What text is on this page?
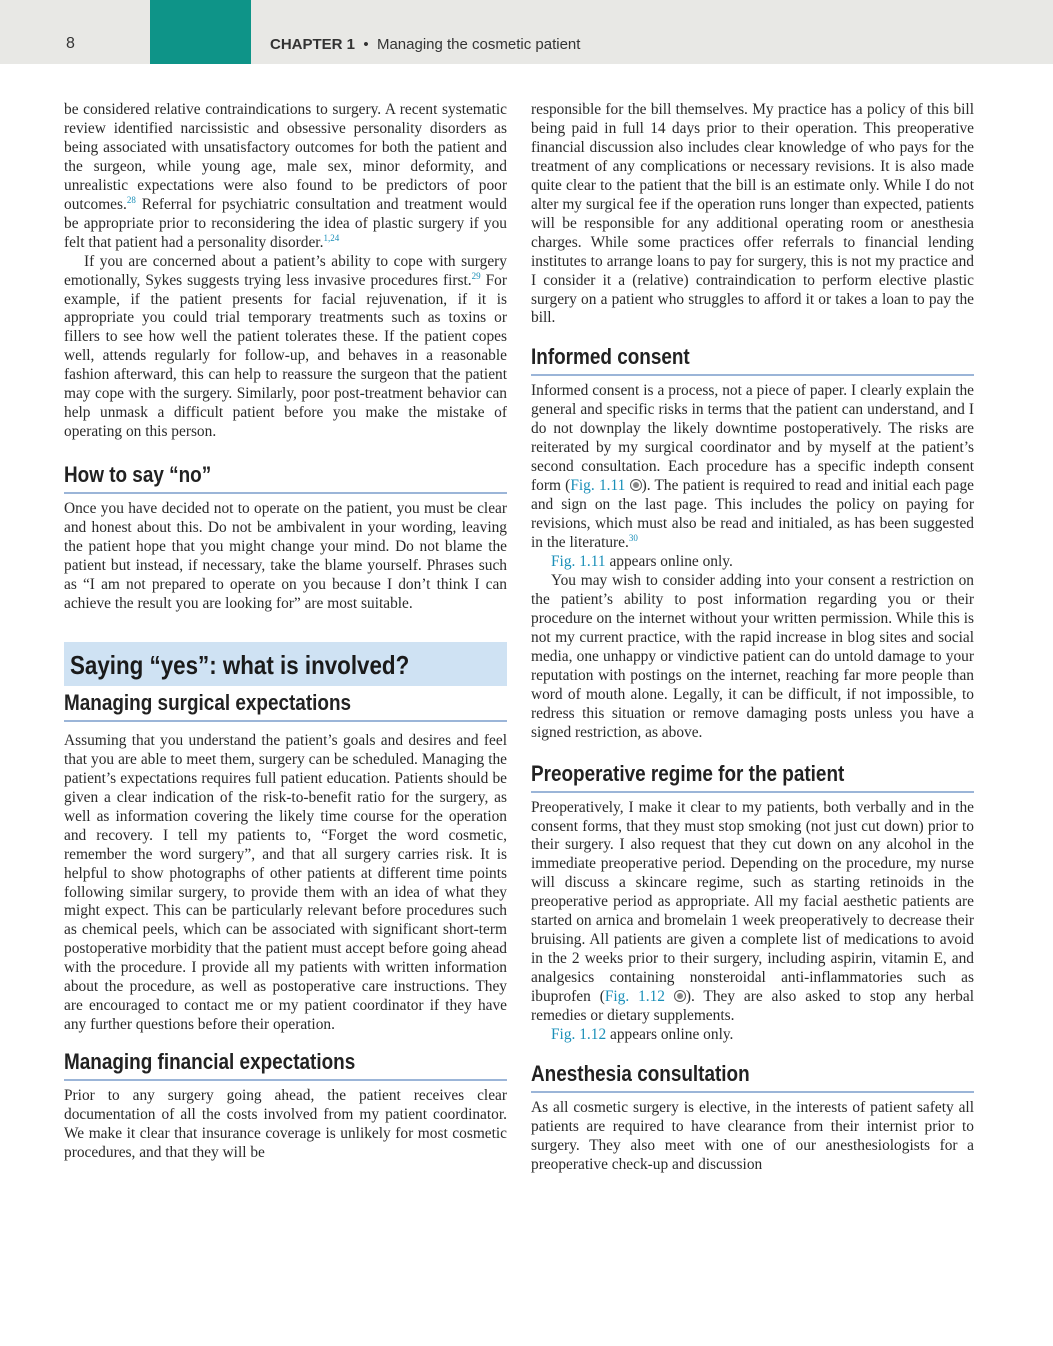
8	CHAPTER 1 • Managing the cosmetic patient

be considered relative contraindications to surgery. A recent systematic review identified narcissistic and obsessive personality disorders as being associated with unsatisfactory outcomes for both the patient and the surgeon, while young age, male sex, minor deformity, and unrealistic expectations were also found to be predictors of poor outcomes.$^{28}$ Referral for psychiatric consultation and treatment would be appropriate prior to reconsidering the idea of plastic surgery if you felt that patient had a personality disorder.$^{1,24}$

If you are concerned about a patient’s ability to cope with surgery emotionally, Sykes suggests trying less invasive procedures first.$^{29}$ For example, if the patient presents for facial rejuvenation, if it is appropriate you could trial temporary treatments such as toxins or fillers to see how well the patient tolerates these. If the patient copes well, attends regularly for follow-up, and behaves in a reasonable fashion afterward, this can help to reassure the surgeon that the patient may cope with the surgery. Similarly, poor post-treatment behavior can help unmask a difficult patient before you make the mistake of operating on this person.

How to say “no”

Once you have decided not to operate on the patient, you must be clear and honest about this. Do not be ambivalent in your wording, leaving the patient hope that you might change your mind. Do not blame the patient but instead, if necessary, take the blame yourself. Phrases such as “I am not prepared to operate on you because I don’t think I can achieve the result you are looking for” are most suitable.

Saying “yes”: what is involved?
Managing surgical expectations

Assuming that you understand the patient’s goals and desires and feel that you are able to meet them, surgery can be scheduled. Managing the patient’s expectations requires full patient education. Patients should be given a clear indication of the risk-to-benefit ratio for the surgery, as well as information covering the likely time course for the operation and recovery. I tell my patients to, “Forget the word cosmetic, remember the word surgery”, and that all surgery carries risk. It is helpful to show photographs of other patients at different time points following similar surgery, to provide them with an idea of what they might expect. This can be particularly relevant before procedures such as chemical peels, which can be associated with significant short-term postoperative morbidity that the patient must accept before going ahead with the procedure. I provide all my patients with written information about the procedure, as well as postoperative care instructions. They are encouraged to contact me or my patient coordinator if they have any further questions before their operation.

Managing financial expectations

Prior to any surgery going ahead, the patient receives clear documentation of all the costs involved from my patient coordinator. We make it clear that insurance coverage is unlikely for most cosmetic procedures, and that they will be

responsible for the bill themselves. My practice has a policy of this bill being paid in full 14 days prior to their operation. This preoperative financial discussion also includes clear knowledge of who pays for the treatment of any complications or necessary revisions. It is also made quite clear to the patient that the bill is an estimate only. While I do not alter my surgical fee if the operation runs longer than expected, patients will be responsible for any additional operating room or anesthesia charges. While some practices offer referrals to financial lending institutes to arrange loans to pay for surgery, this is not my practice and I consider it a (relative) contraindication to perform elective plastic surgery on a patient who struggles to afford it or takes a loan to pay the bill.

Informed consent

Informed consent is a process, not a piece of paper. I clearly explain the general and specific risks in terms that the patient can understand, and I do not downplay the likely downtime postoperatively. The risks are reiterated by my surgical coordinator and by myself at the patient’s second consultation. Each procedure has a specific indepth consent form (Fig. 1.11 ). The patient is required to read and initial each page and sign on the last page. This includes the policy on paying for revisions, which must also be read and initialed, as has been suggested in the literature.$^{30}$

Fig. 1.11 appears online only.

You may wish to consider adding into your consent a restriction on the patient’s ability to post information regarding you or their procedure on the internet without your written permission. While this is not my current practice, with the rapid increase in blog sites and social media, one unhappy or vindictive patient can do untold damage to your reputation with postings on the internet, reaching far more people than word of mouth alone. Legally, it can be difficult, if not impossible, to redress this situation or remove damaging posts unless you have a signed restriction, as above.

Preoperative regime for the patient

Preoperatively, I make it clear to my patients, both verbally and in the consent forms, that they must stop smoking (not just cut down) prior to their surgery. I also request that they cut down on any alcohol in the immediate preoperative period. Depending on the procedure, my nurse will discuss a skincare regime, such as starting retinoids in the preoperative period as appropriate. All my facial aesthetic patients are started on arnica and bromelain 1 week preoperatively to decrease their bruising. All patients are given a complete list of medications to avoid in the 2 weeks prior to their surgery, including aspirin, vitamin E, and analgesics containing nonsteroidal anti-inflammatories such as ibuprofen (Fig. 1.12 ). They are also asked to stop any herbal remedies or dietary supplements.

Fig. 1.12 appears online only.

Anesthesia consultation

As all cosmetic surgery is elective, in the interests of patient safety all patients are required to have clearance from their internist prior to surgery. They also meet with one of our anesthesiologists for a preoperative check-up and discussion
